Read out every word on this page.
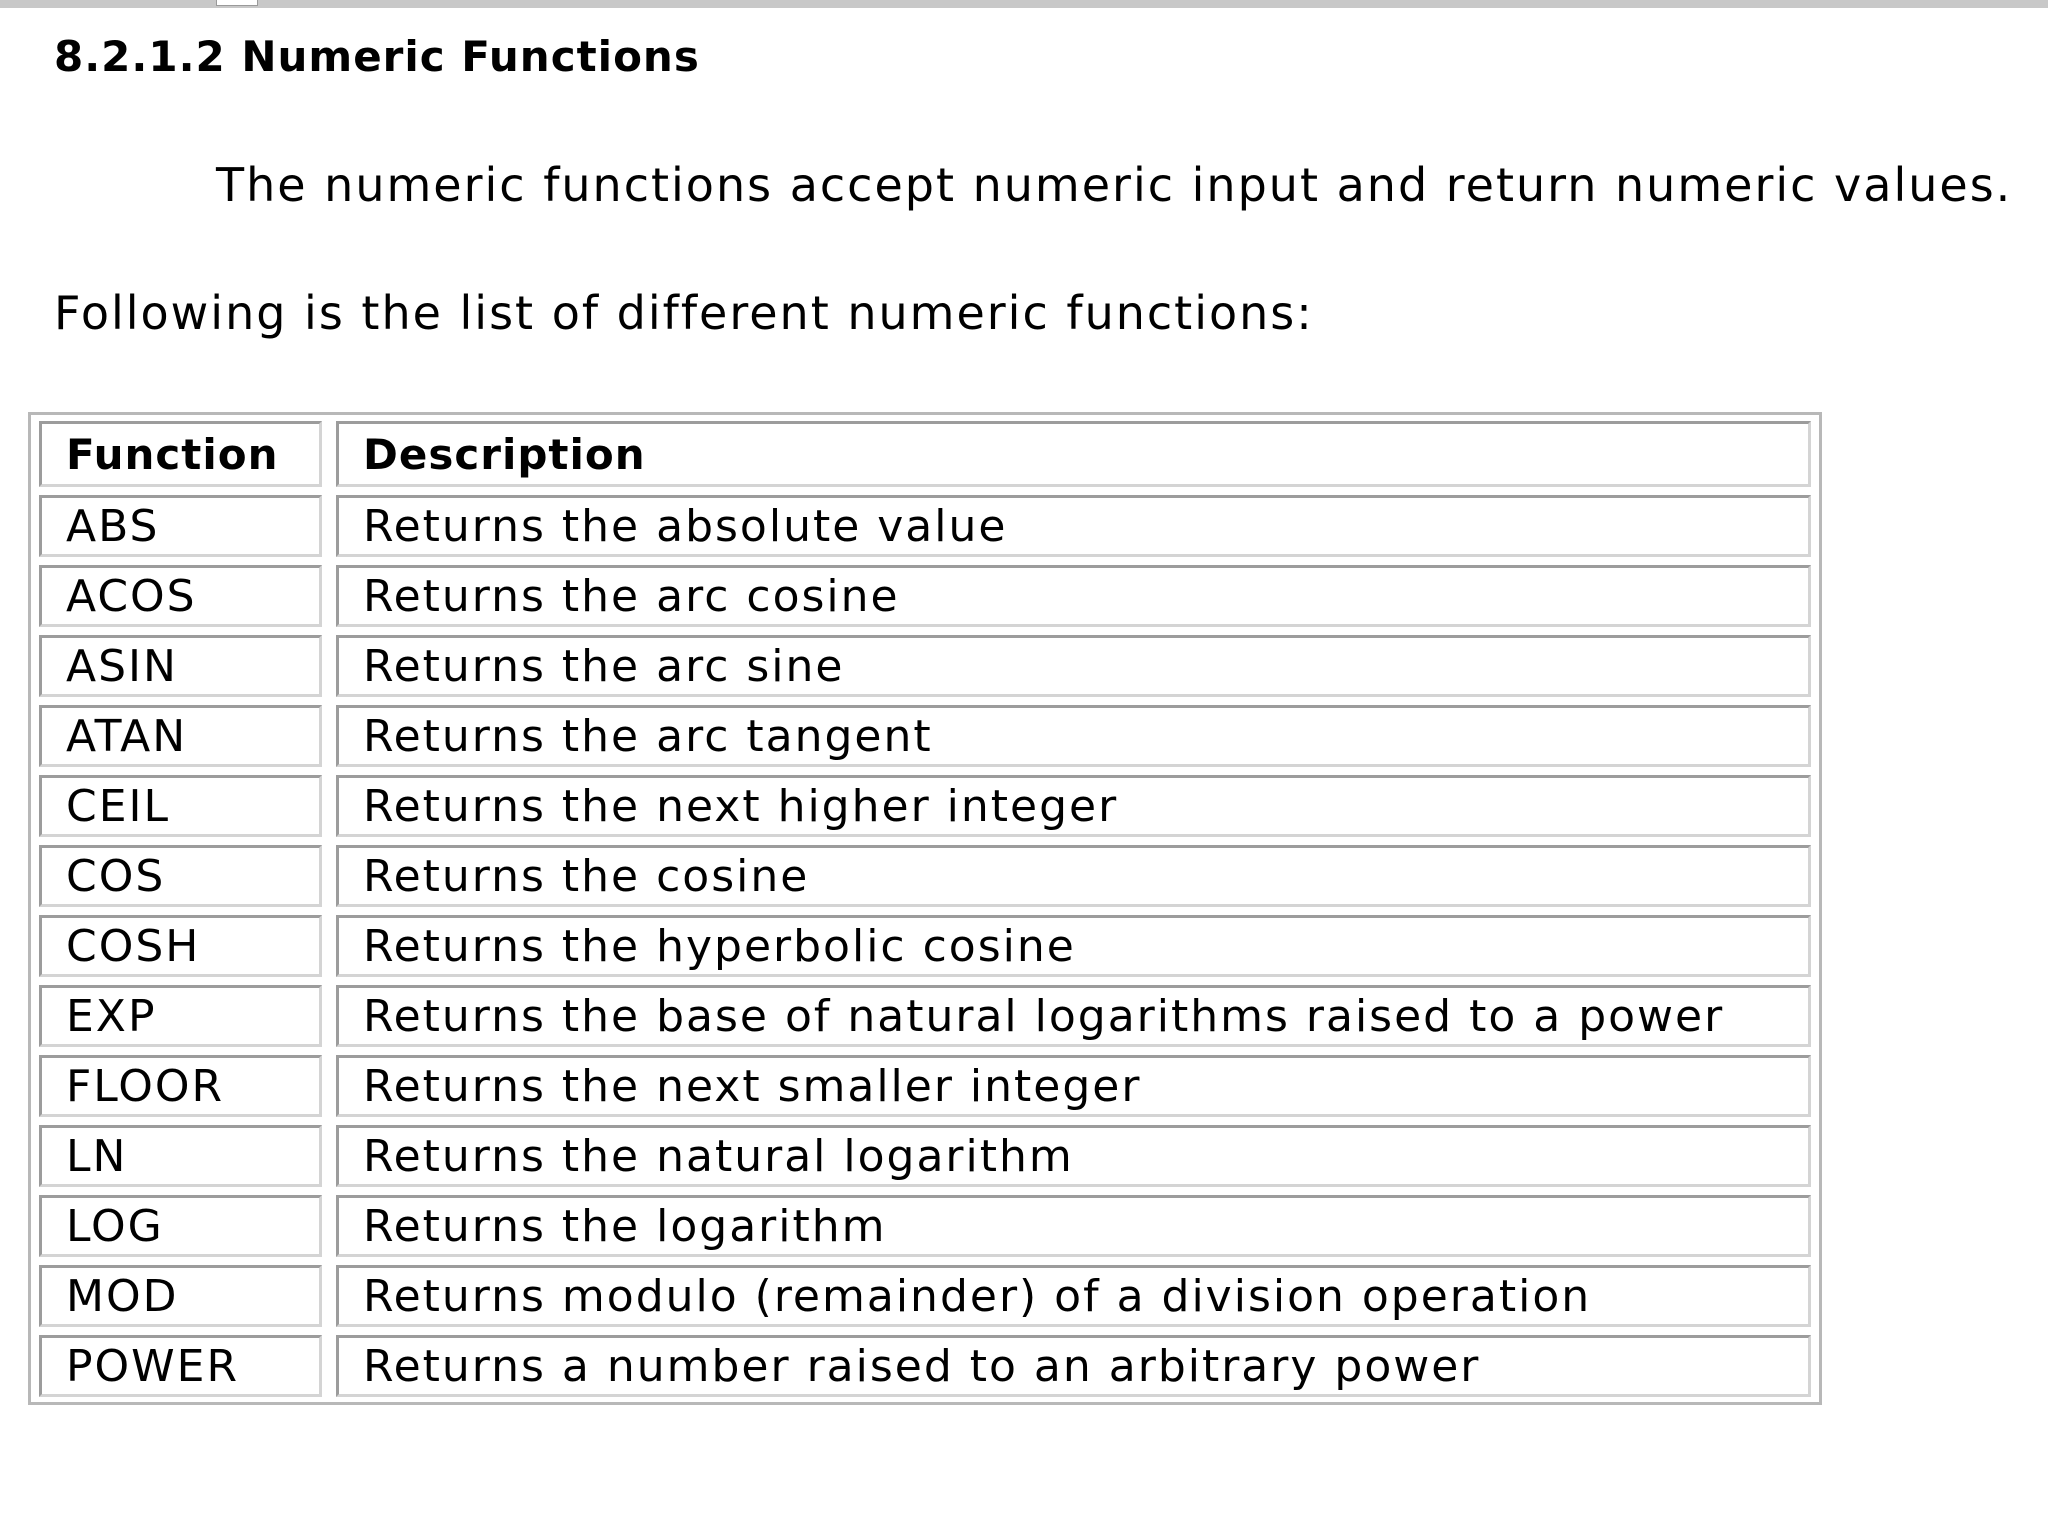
8.2.1.2 Numeric Functions
The numeric functions accept numeric input and return numeric values.
Following is the list of different numeric functions:
Function	Description
ABS	Returns the absolute value
ACOS	Returns the arc cosine
ASIN	Returns the arc sine
ATAN	Returns the arc tangent
CEIL	Returns the next higher integer
COS	Returns the cosine
COSH	Returns the hyperbolic cosine
EXP	Returns the base of natural logarithms raised to a power
FLOOR	Returns the next smaller integer
LN	Returns the natural logarithm
LOG	Returns the logarithm
MOD	Returns modulo (remainder) of a division operation
POWER	Returns a number raised to an arbitrary power
